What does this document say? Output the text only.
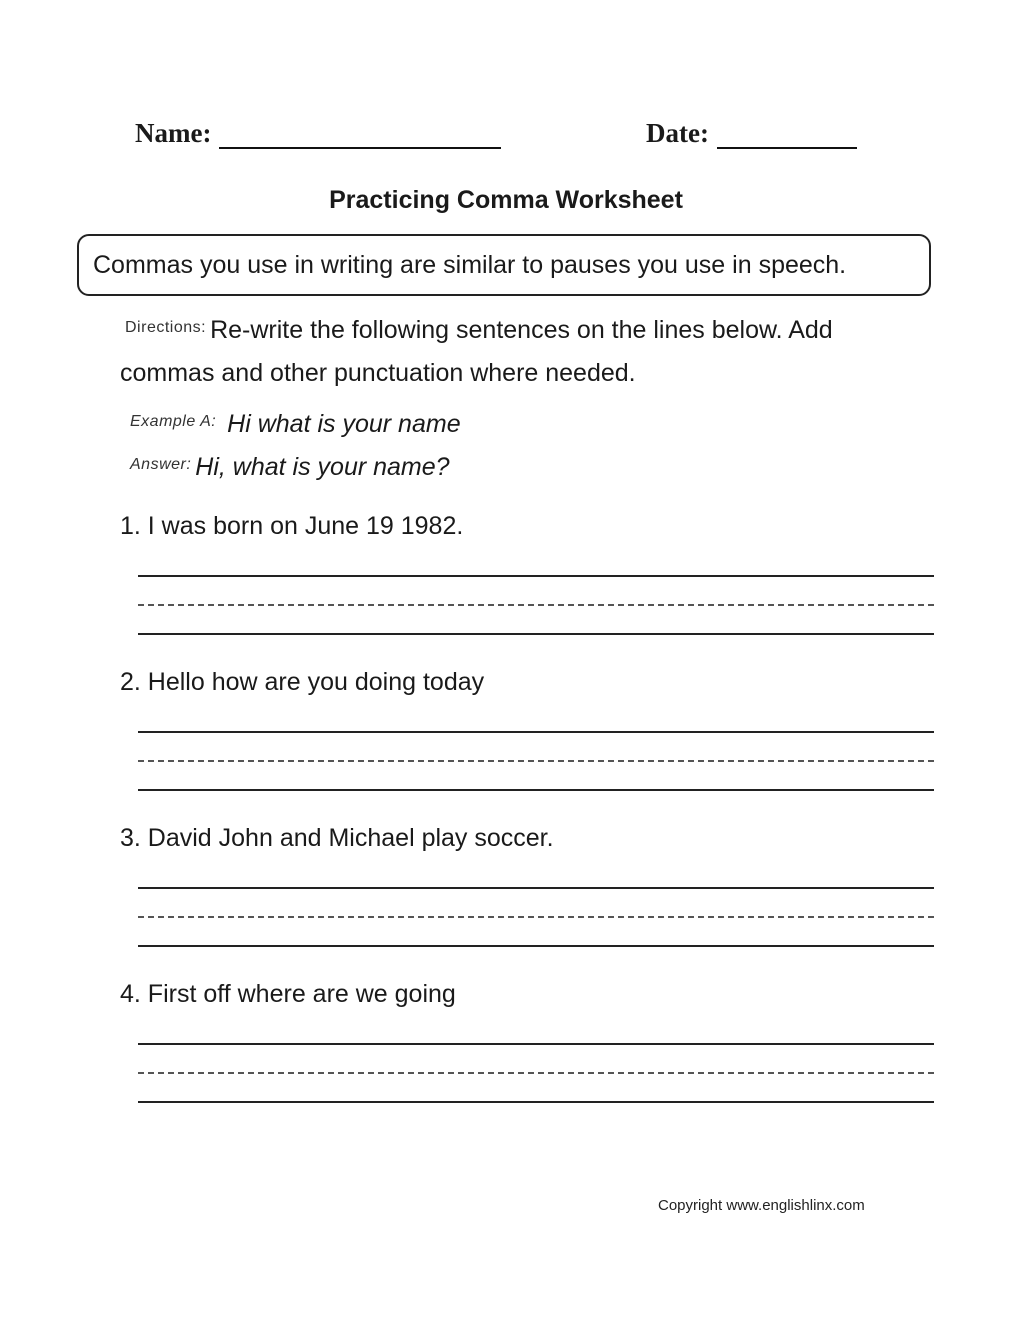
Name:	Date:
Practicing Comma Worksheet
Commas you use in writing are similar to pauses you use in speech.
$^{Directions:}$ Re-write the following sentences on the lines below. Add commas and other punctuation where needed.
$^{Example A:}$ Hi what is your name
$^{Answer:}$ Hi, what is your name?
1. I was born on June 19 1982.
2. Hello how are you doing today
3. David John and Michael play soccer.
4. First off where are we going
Copyright www.englishlinx.com
